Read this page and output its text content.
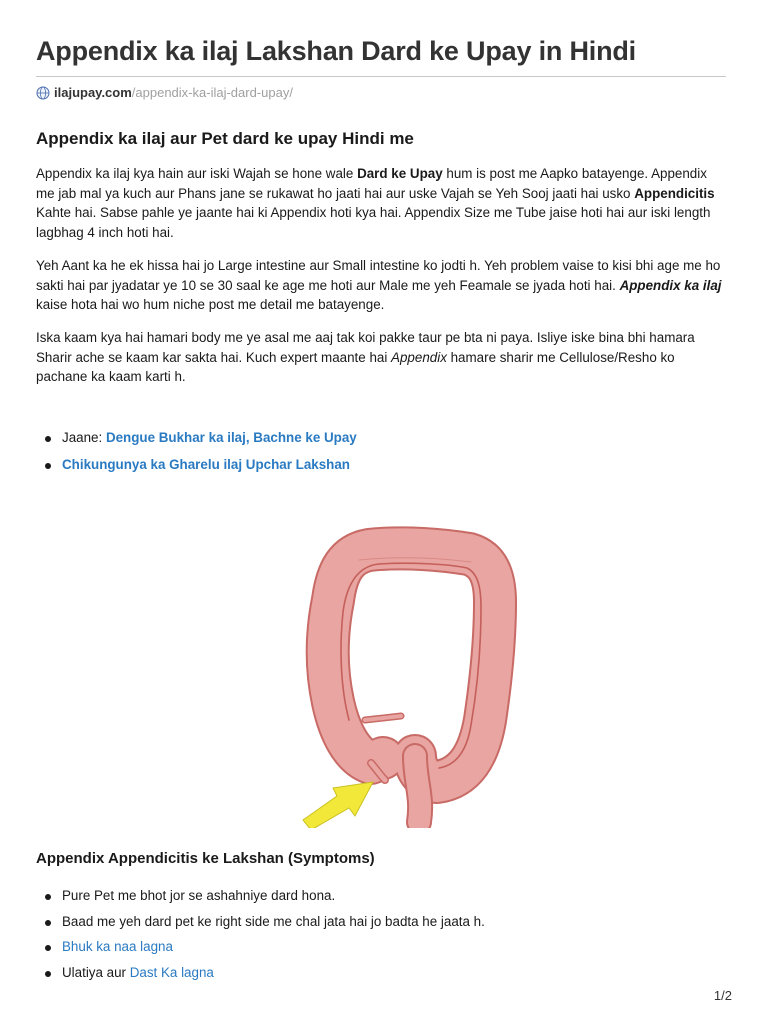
Appendix ka ilaj Lakshan Dard ke Upay in Hindi
ilajupay.com /appendix-ka-ilaj-dard-upay/
Appendix ka ilaj aur Pet dard ke upay Hindi me

Appendix ka ilaj kya hain aur iski Wajah se hone wale Dard ke Upay hum is post me Aapko batayenge. Appendix me jab mal ya kuch aur Phans jane se rukawat ho jaati hai aur uske Vajah se Yeh Sooj jaati hai usko Appendicitis Kahte hai. Sabse pahle ye jaante hai ki Appendix hoti kya hai. Appendix Size me Tube jaise hoti hai aur iski length lagbhag 4 inch hoti hai.

Yeh Aant ka he ek hissa hai jo Large intestine aur Small intestine ko jodti h. Yeh problem vaise to kisi bhi age me ho sakti hai par jyadatar ye 10 se 30 saal ke age me hoti aur Male me yeh Feamale se jyada hoti hai. Appendix ka ilaj kaise hota hai wo hum niche post me detail me batayenge.

Iska kaam kya hai hamari body me ye asal me aaj tak koi pakke taur pe bta ni paya. Isliye iske bina bhi hamara Sharir ache se kaam kar sakta hai. Kuch expert maante hai Appendix hamare sharir me Cellulose/Resho ko pachane ka kaam karti h.

Jaane: Dengue Bukhar ka ilaj, Bachne ke Upay
Chikungunya ka Gharelu ilaj Upchar Lakshan
Appendix Appendicitis ke Lakshan (Symptoms)
Pure Pet me bhot jor se ashahniye dard hona.
Baad me yeh dard pet ke right side me chal jata hai jo badta he jaata h.
Bhuk ka naa lagna
Ulatiya aur Dast Ka lagna
1/2
